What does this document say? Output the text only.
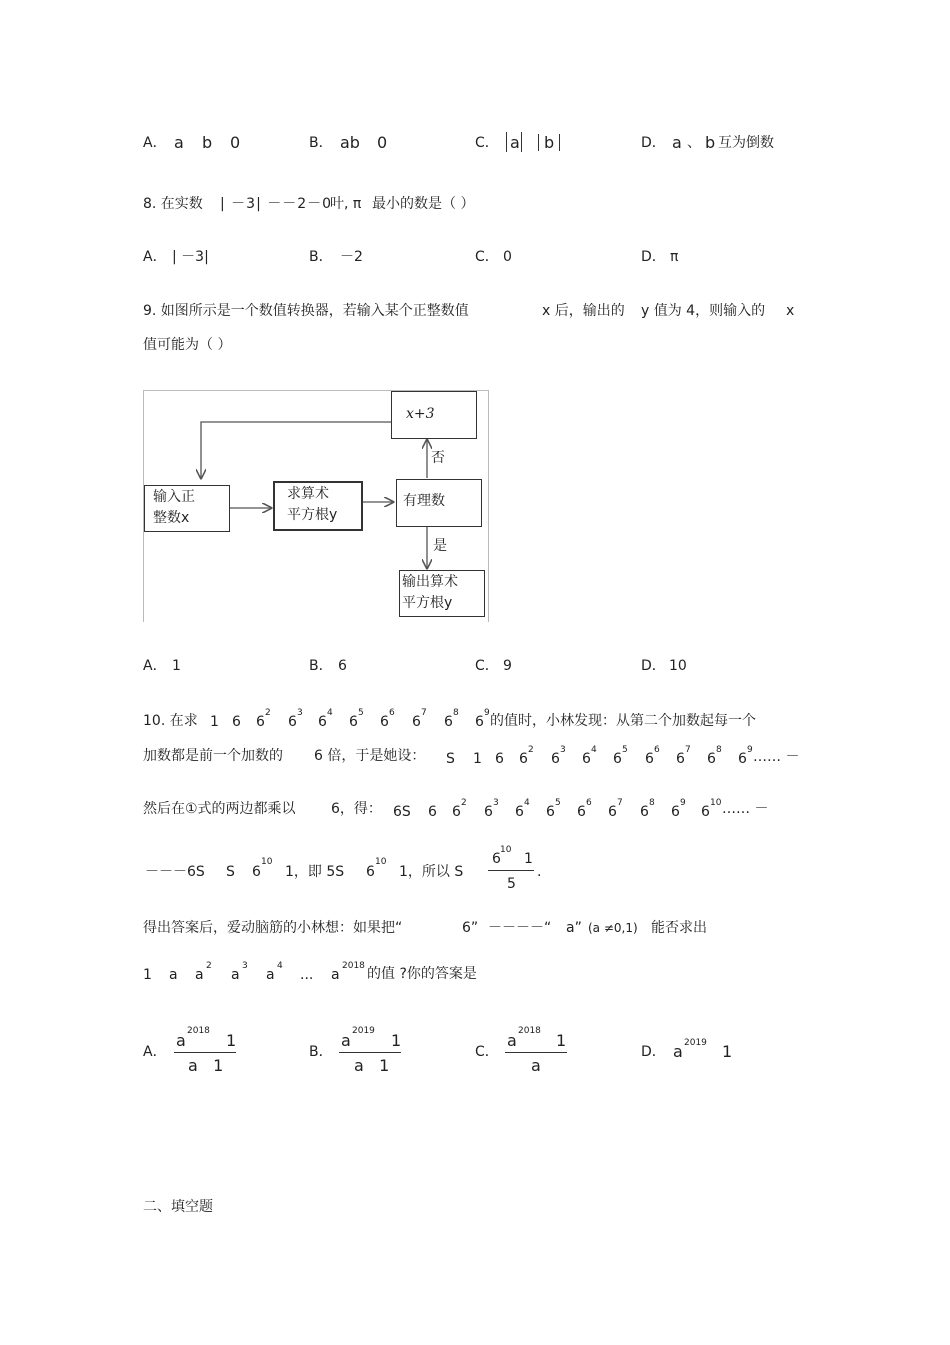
A． a b 0	B． ab 0	C． a b	D． a 、 b 互为倒数
8. 在实数 | －3| －－2－0
叶, π 最小的数是（ ）
A． | －3|	B． －2	C． 0	D． π
9. 如图所示是一个数值转换器，若输入某个正整数值	x 后，输出的 y 值为 4，则输入的 x
值可能为（ ）
x+3
否
输入正
整数x
求算术
平方根y
有理数
是
输出算术
平方根y
A． 1	B． 6	C． 9	D． 10
10. 在求 1 6 6
2
6
3
6
4
6
5
6
6
6
7
6
8
6
9 的值时，小林发现：从第二个加数起每一个
加数都是前一个加数的 6 倍，于是她设： S 1 6 6
2
6
3
6
4
6
5
6
6
6
7
6
8
6
9 …… －
然后在①式的两边都乘以	6，得： 6S 6 6
2
6
3
6
4
6
5
6
6
6
7
6
8
6
9
6
10 …… －
－－－6S S 6
10
1，即 5S 6
10
1，所以 S
6
10
1
5
.
得出答案后，爱动脑筋的小林想：如果把“	6” －－－－“ a” (a ≠0,1) 能否求出
1 a a
2
a
3
a
4
... a
2018 的值 ?你的答案是
A．
a 2018 1
a   1
B．
a 2019 1
a   1
C．
a 2018 1
a
D． a 2019 1
二、填空题
